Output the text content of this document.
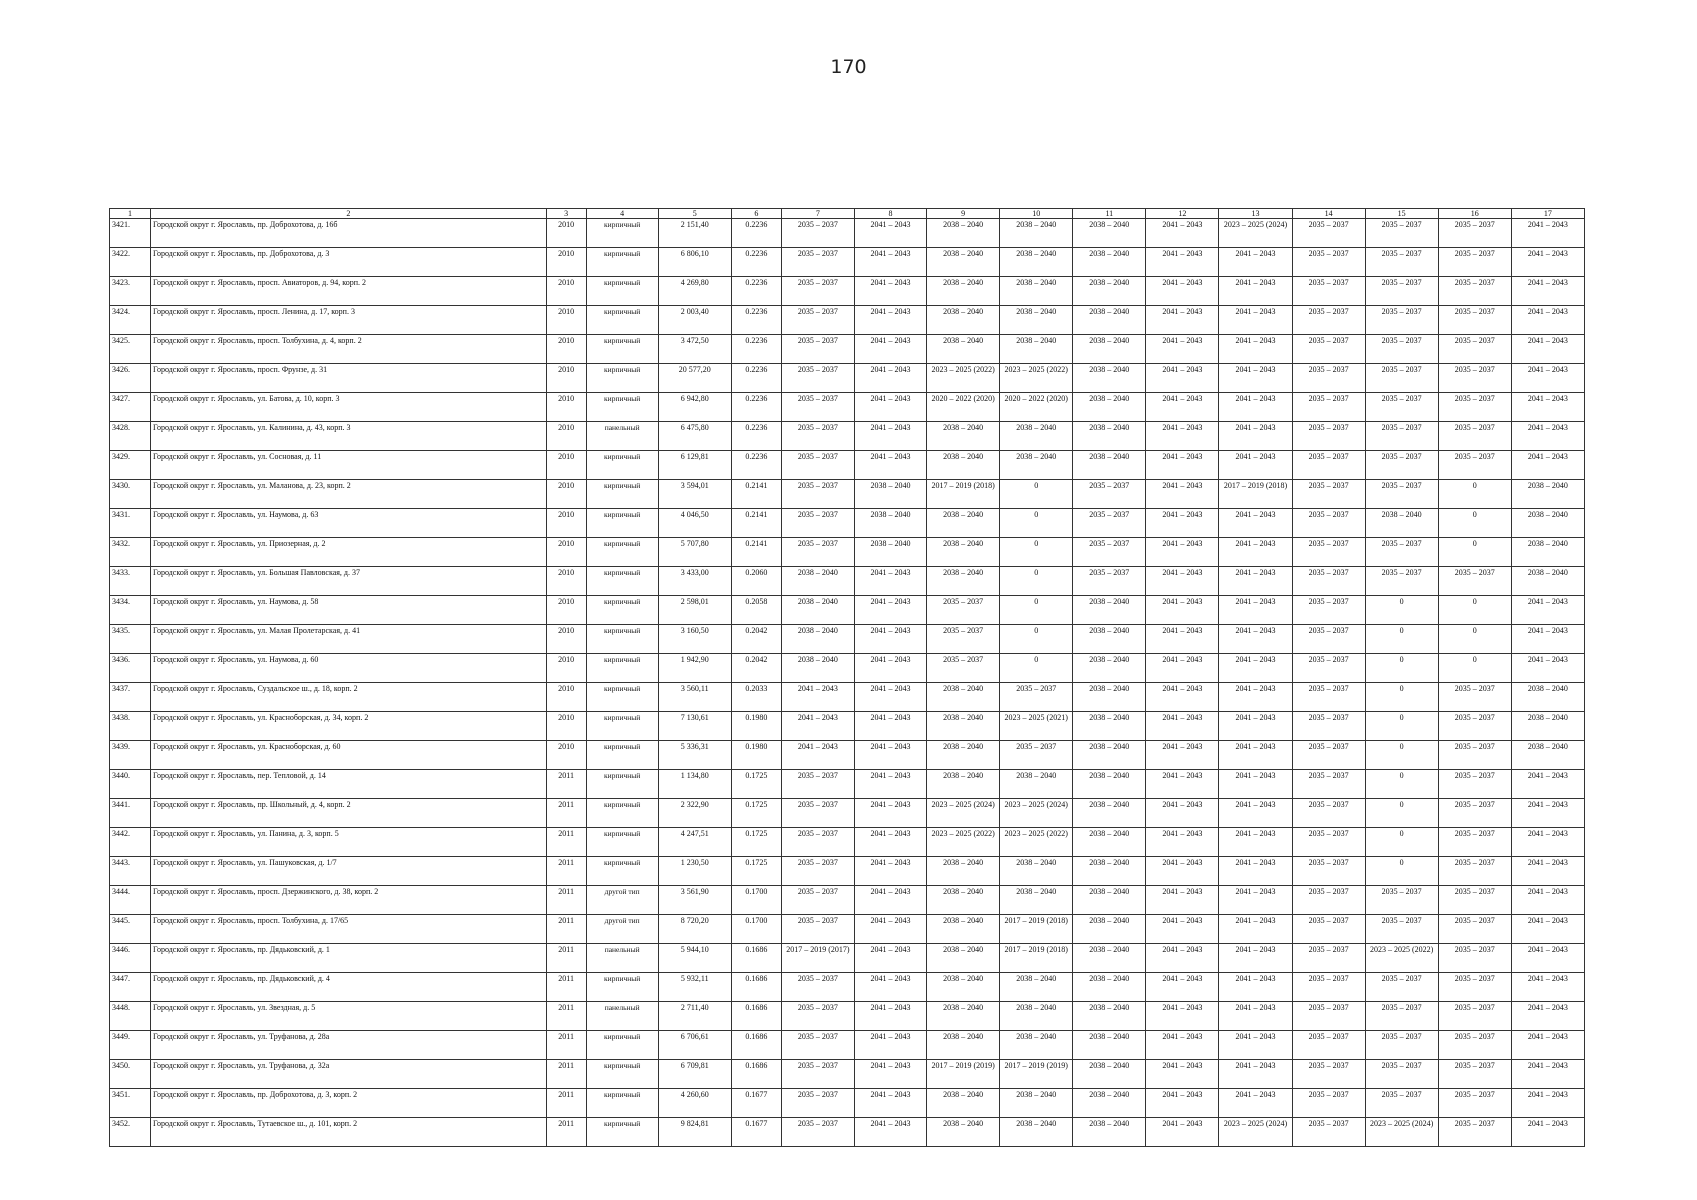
170
1	2	3	4	5	6	7	8	9	10	11	12	13	14	15	16	17
3421.	Городской округ г. Ярославль, пр. Доброхотова, д. 16б	2010	кирпичный	2 151,40	0.2236	2035 – 2037	2041 – 2043	2038 – 2040	2038 – 2040	2038 – 2040	2041 – 2043	2023 – 2025 (2024)	2035 – 2037	2035 – 2037	2035 – 2037	2041 – 2043
3422.	Городской округ г. Ярославль, пр. Доброхотова, д. 3	2010	кирпичный	6 806,10	0.2236	2035 – 2037	2041 – 2043	2038 – 2040	2038 – 2040	2038 – 2040	2041 – 2043	2041 – 2043	2035 – 2037	2035 – 2037	2035 – 2037	2041 – 2043
3423.	Городской округ г. Ярославль, просп. Авиаторов, д. 94, корп. 2	2010	кирпичный	4 269,80	0.2236	2035 – 2037	2041 – 2043	2038 – 2040	2038 – 2040	2038 – 2040	2041 – 2043	2041 – 2043	2035 – 2037	2035 – 2037	2035 – 2037	2041 – 2043
3424.	Городской округ г. Ярославль, просп. Ленина, д. 17, корп. 3	2010	кирпичный	2 003,40	0.2236	2035 – 2037	2041 – 2043	2038 – 2040	2038 – 2040	2038 – 2040	2041 – 2043	2041 – 2043	2035 – 2037	2035 – 2037	2035 – 2037	2041 – 2043
3425.	Городской округ г. Ярославль, просп. Толбухина, д. 4, корп. 2	2010	кирпичный	3 472,50	0.2236	2035 – 2037	2041 – 2043	2038 – 2040	2038 – 2040	2038 – 2040	2041 – 2043	2041 – 2043	2035 – 2037	2035 – 2037	2035 – 2037	2041 – 2043
3426.	Городской округ г. Ярославль, просп. Фрунзе, д. 31	2010	кирпичный	20 577,20	0.2236	2035 – 2037	2041 – 2043	2023 – 2025 (2022)	2023 – 2025 (2022)	2038 – 2040	2041 – 2043	2041 – 2043	2035 – 2037	2035 – 2037	2035 – 2037	2041 – 2043
3427.	Городской округ г. Ярославль, ул. Батова, д. 10, корп. 3	2010	кирпичный	6 942,80	0.2236	2035 – 2037	2041 – 2043	2020 – 2022 (2020)	2020 – 2022 (2020)	2038 – 2040	2041 – 2043	2041 – 2043	2035 – 2037	2035 – 2037	2035 – 2037	2041 – 2043
3428.	Городской округ г. Ярославль, ул. Калинина, д. 43, корп. 3	2010	панельный	6 475,80	0.2236	2035 – 2037	2041 – 2043	2038 – 2040	2038 – 2040	2038 – 2040	2041 – 2043	2041 – 2043	2035 – 2037	2035 – 2037	2035 – 2037	2041 – 2043
3429.	Городской округ г. Ярославль, ул. Сосновая, д. 11	2010	кирпичный	6 129,81	0.2236	2035 – 2037	2041 – 2043	2038 – 2040	2038 – 2040	2038 – 2040	2041 – 2043	2041 – 2043	2035 – 2037	2035 – 2037	2035 – 2037	2041 – 2043
3430.	Городской округ г. Ярославль, ул. Маланова, д. 23, корп. 2	2010	кирпичный	3 594,01	0.2141	2035 – 2037	2038 – 2040	2017 – 2019 (2018)	0	2035 – 2037	2041 – 2043	2017 – 2019 (2018)	2035 – 2037	2035 – 2037	0	2038 – 2040
3431.	Городской округ г. Ярославль, ул. Наумова, д. 63	2010	кирпичный	4 046,50	0.2141	2035 – 2037	2038 – 2040	2038 – 2040	0	2035 – 2037	2041 – 2043	2041 – 2043	2035 – 2037	2038 – 2040	0	2038 – 2040
3432.	Городской округ г. Ярославль, ул. Приозерная, д. 2	2010	кирпичный	5 707,80	0.2141	2035 – 2037	2038 – 2040	2038 – 2040	0	2035 – 2037	2041 – 2043	2041 – 2043	2035 – 2037	2035 – 2037	0	2038 – 2040
3433.	Городской округ г. Ярославль, ул. Большая Павловская, д. 37	2010	кирпичный	3 433,00	0.2060	2038 – 2040	2041 – 2043	2038 – 2040	0	2035 – 2037	2041 – 2043	2041 – 2043	2035 – 2037	2035 – 2037	2035 – 2037	2038 – 2040
3434.	Городской округ г. Ярославль, ул. Наумова, д. 58	2010	кирпичный	2 598,01	0.2058	2038 – 2040	2041 – 2043	2035 – 2037	0	2038 – 2040	2041 – 2043	2041 – 2043	2035 – 2037	0	0	2041 – 2043
3435.	Городской округ г. Ярославль, ул. Малая Пролетарская, д. 41	2010	кирпичный	3 160,50	0.2042	2038 – 2040	2041 – 2043	2035 – 2037	0	2038 – 2040	2041 – 2043	2041 – 2043	2035 – 2037	0	0	2041 – 2043
3436.	Городской округ г. Ярославль, ул. Наумова, д. 60	2010	кирпичный	1 942,90	0.2042	2038 – 2040	2041 – 2043	2035 – 2037	0	2038 – 2040	2041 – 2043	2041 – 2043	2035 – 2037	0	0	2041 – 2043
3437.	Городской округ г. Ярославль, Суздальское ш., д. 18, корп. 2	2010	кирпичный	3 560,11	0.2033	2041 – 2043	2041 – 2043	2038 – 2040	2035 – 2037	2038 – 2040	2041 – 2043	2041 – 2043	2035 – 2037	0	2035 – 2037	2038 – 2040
3438.	Городской округ г. Ярославль, ул. Красноборская, д. 34, корп. 2	2010	кирпичный	7 130,61	0.1980	2041 – 2043	2041 – 2043	2038 – 2040	2023 – 2025 (2021)	2038 – 2040	2041 – 2043	2041 – 2043	2035 – 2037	0	2035 – 2037	2038 – 2040
3439.	Городской округ г. Ярославль, ул. Красноборская, д. 60	2010	кирпичный	5 336,31	0.1980	2041 – 2043	2041 – 2043	2038 – 2040	2035 – 2037	2038 – 2040	2041 – 2043	2041 – 2043	2035 – 2037	0	2035 – 2037	2038 – 2040
3440.	Городской округ г. Ярославль, пер. Тепловой, д. 14	2011	кирпичный	1 134,80	0.1725	2035 – 2037	2041 – 2043	2038 – 2040	2038 – 2040	2038 – 2040	2041 – 2043	2041 – 2043	2035 – 2037	0	2035 – 2037	2041 – 2043
3441.	Городской округ г. Ярославль, пр. Школьный, д. 4, корп. 2	2011	кирпичный	2 322,90	0.1725	2035 – 2037	2041 – 2043	2023 – 2025 (2024)	2023 – 2025 (2024)	2038 – 2040	2041 – 2043	2041 – 2043	2035 – 2037	0	2035 – 2037	2041 – 2043
3442.	Городской округ г. Ярославль, ул. Панина, д. 3, корп. 5	2011	кирпичный	4 247,51	0.1725	2035 – 2037	2041 – 2043	2023 – 2025 (2022)	2023 – 2025 (2022)	2038 – 2040	2041 – 2043	2041 – 2043	2035 – 2037	0	2035 – 2037	2041 – 2043
3443.	Городской округ г. Ярославль, ул. Пашуковская, д. 1/7	2011	кирпичный	1 230,50	0.1725	2035 – 2037	2041 – 2043	2038 – 2040	2038 – 2040	2038 – 2040	2041 – 2043	2041 – 2043	2035 – 2037	0	2035 – 2037	2041 – 2043
3444.	Городской округ г. Ярославль, просп. Дзержинского, д. 38, корп. 2	2011	другой тип	3 561,90	0.1700	2035 – 2037	2041 – 2043	2038 – 2040	2038 – 2040	2038 – 2040	2041 – 2043	2041 – 2043	2035 – 2037	2035 – 2037	2035 – 2037	2041 – 2043
3445.	Городской округ г. Ярославль, просп. Толбухина, д. 17/65	2011	другой тип	8 720,20	0.1700	2035 – 2037	2041 – 2043	2038 – 2040	2017 – 2019 (2018)	2038 – 2040	2041 – 2043	2041 – 2043	2035 – 2037	2035 – 2037	2035 – 2037	2041 – 2043
3446.	Городской округ г. Ярославль, пр. Дядьковский, д. 1	2011	панельный	5 944,10	0.1686	2017 – 2019 (2017)	2041 – 2043	2038 – 2040	2017 – 2019 (2018)	2038 – 2040	2041 – 2043	2041 – 2043	2035 – 2037	2023 – 2025 (2022)	2035 – 2037	2041 – 2043
3447.	Городской округ г. Ярославль, пр. Дядьковский, д. 4	2011	кирпичный	5 932,11	0.1686	2035 – 2037	2041 – 2043	2038 – 2040	2038 – 2040	2038 – 2040	2041 – 2043	2041 – 2043	2035 – 2037	2035 – 2037	2035 – 2037	2041 – 2043
3448.	Городской округ г. Ярославль, ул. Звездная, д. 5	2011	панельный	2 711,40	0.1686	2035 – 2037	2041 – 2043	2038 – 2040	2038 – 2040	2038 – 2040	2041 – 2043	2041 – 2043	2035 – 2037	2035 – 2037	2035 – 2037	2041 – 2043
3449.	Городской округ г. Ярославль, ул. Труфанова, д. 28а	2011	кирпичный	6 706,61	0.1686	2035 – 2037	2041 – 2043	2038 – 2040	2038 – 2040	2038 – 2040	2041 – 2043	2041 – 2043	2035 – 2037	2035 – 2037	2035 – 2037	2041 – 2043
3450.	Городской округ г. Ярославль, ул. Труфанова, д. 32а	2011	кирпичный	6 709,81	0.1686	2035 – 2037	2041 – 2043	2017 – 2019 (2019)	2017 – 2019 (2019)	2038 – 2040	2041 – 2043	2041 – 2043	2035 – 2037	2035 – 2037	2035 – 2037	2041 – 2043
3451.	Городской округ г. Ярославль, пр. Доброхотова, д. 3, корп. 2	2011	кирпичный	4 260,60	0.1677	2035 – 2037	2041 – 2043	2038 – 2040	2038 – 2040	2038 – 2040	2041 – 2043	2041 – 2043	2035 – 2037	2035 – 2037	2035 – 2037	2041 – 2043
3452.	Городской округ г. Ярославль, Тутаевское ш., д. 101, корп. 2	2011	кирпичный	9 824,81	0.1677	2035 – 2037	2041 – 2043	2038 – 2040	2038 – 2040	2038 – 2040	2041 – 2043	2023 – 2025 (2024)	2035 – 2037	2023 – 2025 (2024)	2035 – 2037	2041 – 2043
